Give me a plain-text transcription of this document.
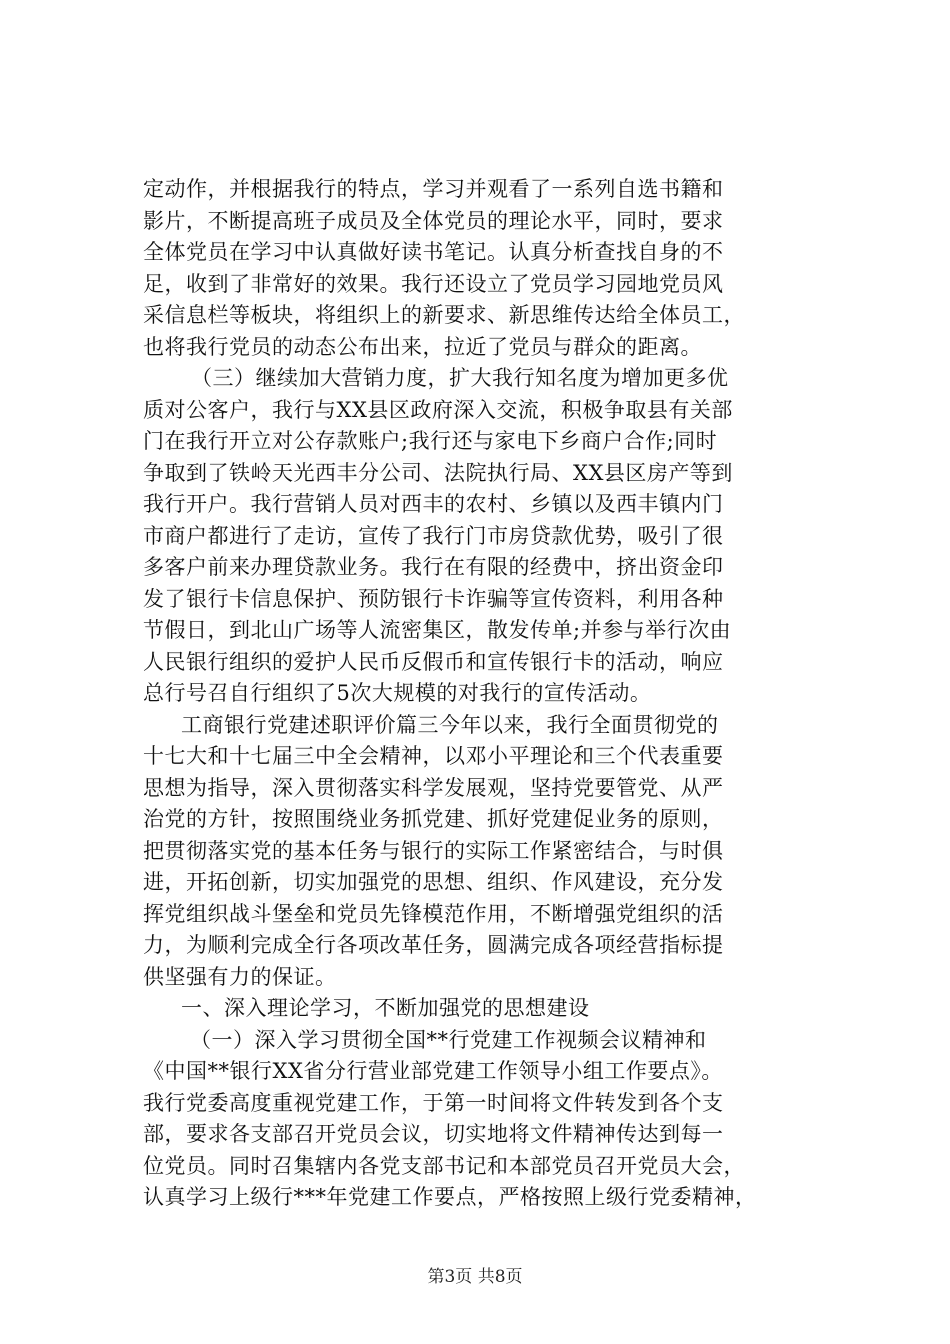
定动作，并根据我行的特点，学习并观看了一系列自选书籍和
影片，不断提高班子成员及全体党员的理论水平，同时，要求
全体党员在学习中认真做好读书笔记。认真分析查找自身的不
足，收到了非常好的效果。我行还设立了党员学习园地党员风
采信息栏等板块，将组织上的新要求、新思维传达给全体员工，
也将我行党员的动态公布出来，拉近了党员与群众的距离。
（三）继续加大营销力度，扩大我行知名度为增加更多优
质对公客户，我行与XX县区政府深入交流，积极争取县有关部
门在我行开立对公存款账户;我行还与家电下乡商户合作;同时
争取到了铁岭天光西丰分公司、法院执行局、XX县区房产等到
我行开户。我行营销人员对西丰的农村、乡镇以及西丰镇内门
市商户都进行了走访，宣传了我行门市房贷款优势，吸引了很
多客户前来办理贷款业务。我行在有限的经费中，挤出资金印
发了银行卡信息保护、预防银行卡诈骗等宣传资料，利用各种
节假日，到北山广场等人流密集区，散发传单;并参与举行次由
人民银行组织的爱护人民币反假币和宣传银行卡的活动，响应
总行号召自行组织了5次大规模的对我行的宣传活动。
工商银行党建述职评价篇三今年以来，我行全面贯彻党的
十七大和十七届三中全会精神，以邓小平理论和三个代表重要
思想为指导，深入贯彻落实科学发展观，坚持党要管党、从严
治党的方针，按照围绕业务抓党建、抓好党建促业务的原则，
把贯彻落实党的基本任务与银行的实际工作紧密结合，与时俱
进，开拓创新，切实加强党的思想、组织、作风建设，充分发
挥党组织战斗堡垒和党员先锋模范作用，不断增强党组织的活
力，为顺利完成全行各项改革任务，圆满完成各项经营指标提
供坚强有力的保证。
一、深入理论学习，不断加强党的思想建设
（一）深入学习贯彻全国**行党建工作视频会议精神和
《中国**银行XX省分行营业部党建工作领导小组工作要点》。
我行党委高度重视党建工作，于第一时间将文件转发到各个支
部，要求各支部召开党员会议，切实地将文件精神传达到每一
位党员。同时召集辖内各党支部书记和本部党员召开党员大会，
认真学习上级行***年党建工作要点，严格按照上级行党委精神，
第3页 共8页
